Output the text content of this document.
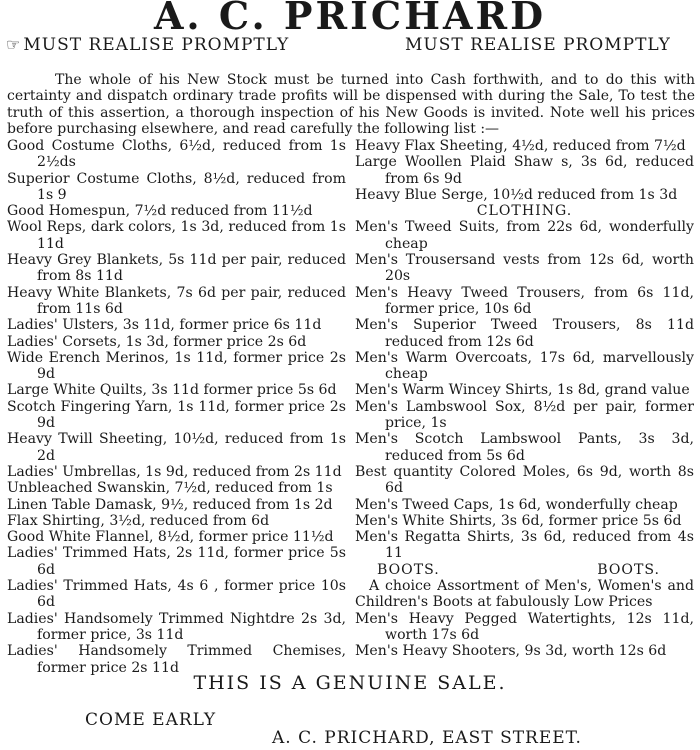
A. C. PRICHARD
☞ MUST REALISE PROMPTLY	MUST REALISE PROMPTLY

The whole of his New Stock must be turned into Cash forthwith, and to do this with certainty and dispatch ordinary trade profits will be dispensed with during the Sale, To test the truth of this assertion, a thorough inspection of his New Goods is invited. Note well his prices before purchasing elsewhere, and read carefully the following list :—

Good Costume Cloths, 6½d, reduced from 1s 2½ds
Superior Costume Cloths, 8½d, reduced from 1s 9
Good Homespun, 7½d reduced from 11½d
Wool Reps, dark colors, 1s 3d, reduced from 1s 11d
Heavy Grey Blankets, 5s 11d per pair, reduced from 8s 11d
Heavy White Blankets, 7s 6d per pair, reduced from 11s 6d
Ladies' Ulsters, 3s 11d, former price 6s 11d
Ladies' Corsets, 1s 3d, former price 2s 6d
Wide Erench Merinos, 1s 11d, former price 2s 9d
Large White Quilts, 3s 11d former price 5s 6d
Scotch Fingering Yarn, 1s 11d, former price 2s 9d
Heavy Twill Sheeting, 10½d, reduced from 1s 2d
Ladies' Umbrellas, 1s 9d, reduced from 2s 11d
Unbleached Swanskin, 7½d, reduced from 1s
Linen Table Damask, 9½, reduced from 1s 2d
Flax Shirting, 3½d, reduced from 6d
Good White Flannel, 8½d, former price 11½d
Ladies' Trimmed Hats, 2s 11d, former price 5s 6d
Ladies' Trimmed Hats, 4s 6 , former price 10s 6d
Ladies' Handsomely Trimmed Nightdre 2s 3d, former price, 3s 11d
Ladies' Handsomely Trimmed Chemises, former price 2s 11d
Heavy Flax Sheeting, 4½d, reduced from 7½d
Large Woollen Plaid Shaw s, 3s 6d, reduced from 6s 9d
Heavy Blue Serge, 10½d reduced from 1s 3d
CLOTHING.
Men's Tweed Suits, from 22s 6d, wonderfully cheap
Men's Trousersand vests from 12s 6d, worth 20s
Men's Heavy Tweed Trousers, from 6s 11d, former price, 10s 6d
Men's Superior Tweed Trousers, 8s 11d reduced from 12s 6d
Men's Warm Overcoats, 17s 6d, marvellously cheap
Men's Warm Wincey Shirts, 1s 8d, grand value
Men's Lambswool Sox, 8½d per pair, former price, 1s
Men's Scotch Lambswool Pants, 3s 3d, reduced from 5s 6d
Best quantity Colored Moles, 6s 9d, worth 8s 6d
Men's Tweed Caps, 1s 6d, wonderfully cheap
Men's White Shirts, 3s 6d, former price 5s 6d
Men's Regatta Shirts, 3s 6d, reduced from 4s 11
BOOTS.	BOOTS.
A choice Assortment of Men's, Women's and Children's Boots at fabulously Low Prices
Men's Heavy Pegged Watertights, 12s 11d, worth 17s 6d
Men's Heavy Shooters, 9s 3d, worth 12s 6d
THIS IS A GENUINE SALE.
COME EARLY
A. C. PRICHARD, EAST STREET.
